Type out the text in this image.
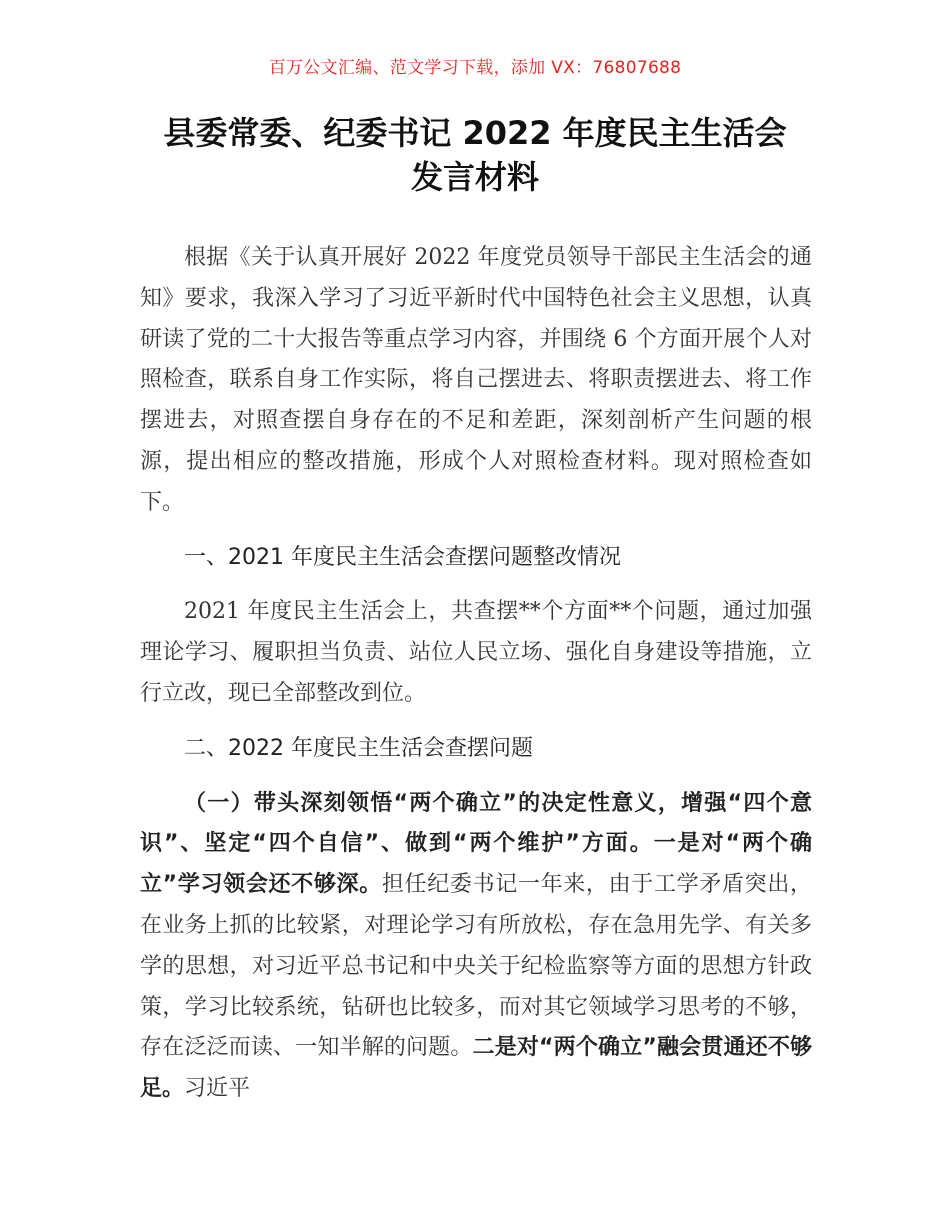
百万公文汇编、范文学习下载，添加 VX：76807688
县委常委、纪委书记 2022 年度民主生活会
发言材料

根据《关于认真开展好 2022 年度党员领导干部民主生活会的通知》要求，我深入学习了习近平新时代中国特色社会主义思想，认真研读了党的二十大报告等重点学习内容，并围绕 6 个方面开展个人对照检查，联系自身工作实际，将自己摆进去、将职责摆进去、将工作摆进去，对照查摆自身存在的不足和差距，深刻剖析产生问题的根源，提出相应的整改措施，形成个人对照检查材料。现对照检查如下。

一、2021 年度民主生活会查摆问题整改情况

2021 年度民主生活会上，共查摆**个方面**个问题，通过加强理论学习、履职担当负责、站位人民立场、强化自身建设等措施，立行立改，现已全部整改到位。

二、2022 年度民主生活会查摆问题

（一）带头深刻领悟“两个确立”的决定性意义，增强“四个意识”、坚定“四个自信”、做到“两个维护”方面。一是对“两个确立”学习领会还不够深。担任纪委书记一年来，由于工学矛盾突出，在业务上抓的比较紧，对理论学习有所放松，存在急用先学、有关多学的思想，对习近平总书记和中央关于纪检监察等方面的思想方针政策，学习比较系统，钻研也比较多，而对其它领域学习思考的不够，存在泛泛而读、一知半解的问题。二是对“两个确立”融会贯通还不够足。习近平
